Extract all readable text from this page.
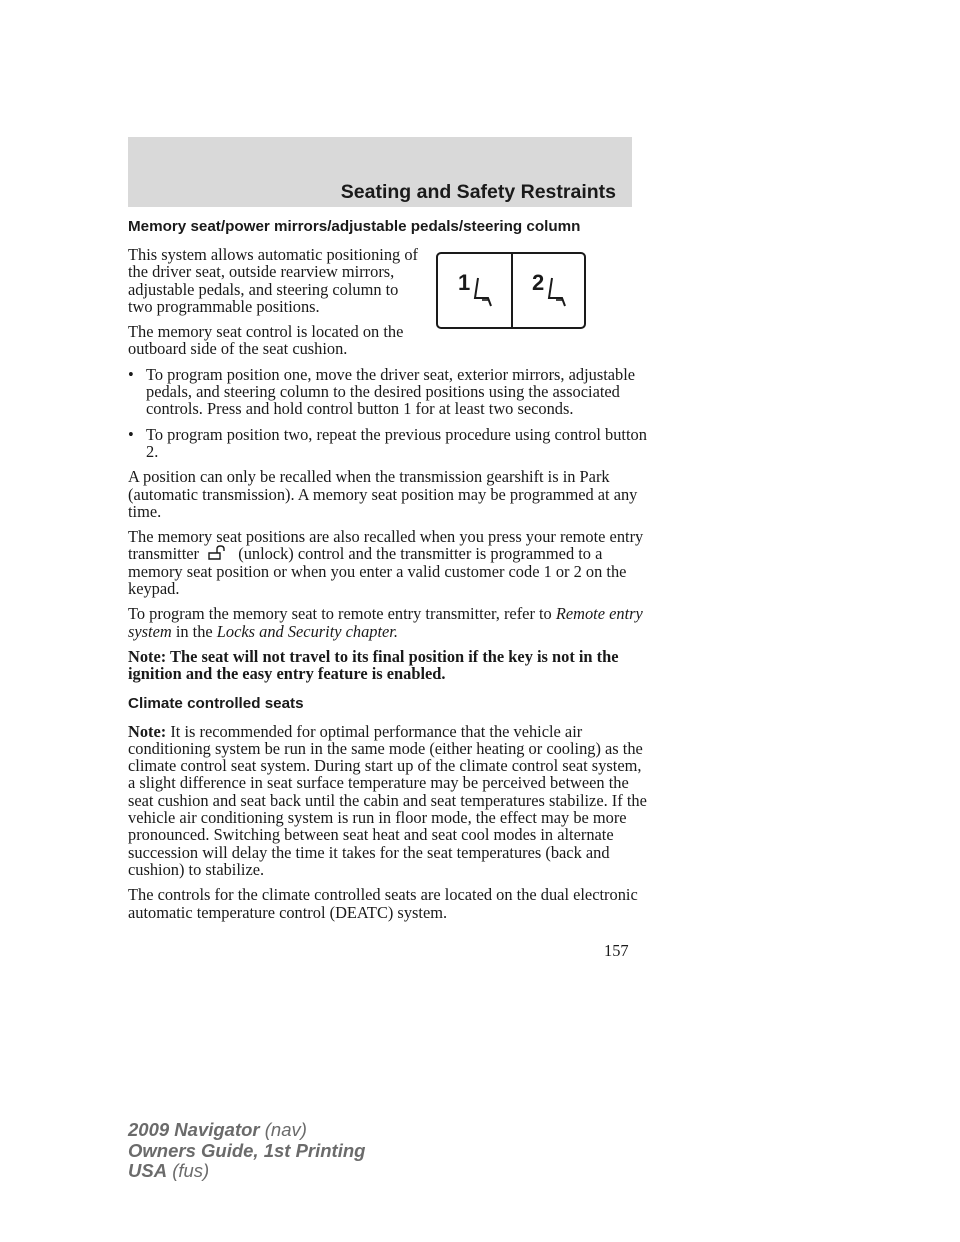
Seating and Safety Restraints
1	2
Memory seat/power mirrors/adjustable pedals/steering column

This system allows automatic positioning of the driver seat, outside rearview mirrors, adjustable pedals, and steering column to two programmable positions.

The memory seat control is located on the outboard side of the seat cushion.

• To program position one, move the driver seat, exterior mirrors, adjustable pedals, and steering column to the desired positions using the associated controls. Press and hold control button 1 for at least two seconds.
• To program position two, repeat the previous procedure using control button 2.

A position can only be recalled when the transmission gearshift is in Park (automatic transmission). A memory seat position may be programmed at any time.

The memory seat positions are also recalled when you press your remote entry transmitter (unlock) control and the transmitter is programmed to a memory seat position or when you enter a valid customer code 1 or 2 on the keypad.

To program the memory seat to remote entry transmitter, refer to Remote entry system in the Locks and Security chapter.

Note: The seat will not travel to its final position if the key is not in the ignition and the easy entry feature is enabled.

Climate controlled seats

Note: It is recommended for optimal performance that the vehicle air conditioning system be run in the same mode (either heating or cooling) as the climate control seat system. During start up of the climate control seat system, a slight difference in seat surface temperature may be perceived between the seat cushion and seat back until the cabin and seat temperatures stabilize. If the vehicle air conditioning system is run in floor mode, the effect may be more pronounced. Switching between seat heat and seat cool modes in alternate succession will delay the time it takes for the seat temperatures (back and cushion) to stabilize.

The controls for the climate controlled seats are located on the dual electronic automatic temperature control (DEATC) system.

157

2009 Navigator (nav)
Owners Guide, 1st Printing
USA (fus)
